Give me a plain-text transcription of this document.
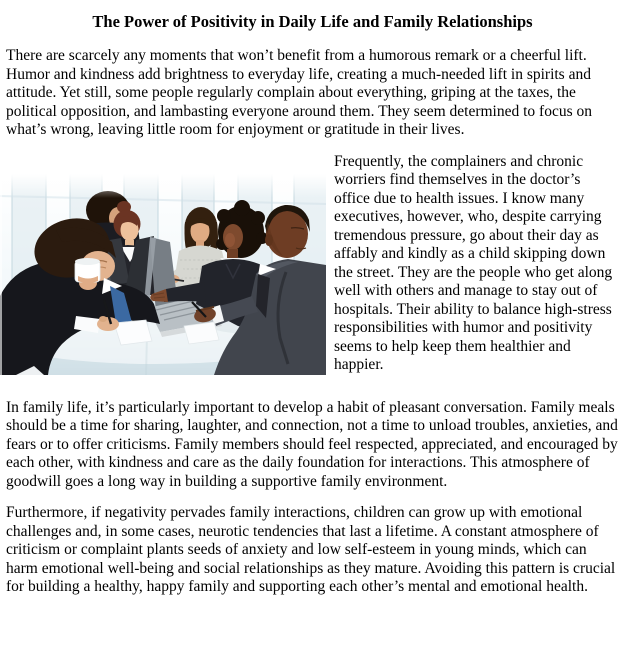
The Power of Positivity in Daily Life and Family Relationships

There are scarcely any moments that won’t benefit from a humorous remark or a cheerful lift. Humor and kindness add brightness to everyday life, creating a much-needed lift in spirits and attitude. Yet still, some people regularly complain about everything, griping at the taxes, the political opposition, and lambasting everyone around them. They seem determined to focus on what’s wrong, leaving little room for enjoyment or gratitude in their lives.

Frequently, the complainers and chronic worriers find themselves in the doctor’s office due to health issues. I know many executives, however, who, despite carrying tremendous pressure, go about their day as affably and kindly as a child skipping down the street. They are the people who get along well with others and manage to stay out of hospitals. Their ability to balance high-stress responsibilities with humor and positivity seems to help keep them healthier and happier.

In family life, it’s particularly important to develop a habit of pleasant conversation. Family meals should be a time for sharing, laughter, and connection, not a time to unload troubles, anxieties, and fears or to offer criticisms. Family members should feel respected, appreciated, and encouraged by each other, with kindness and care as the daily foundation for interactions. This atmosphere of goodwill goes a long way in building a supportive family environment.

Furthermore, if negativity pervades family interactions, children can grow up with emotional challenges and, in some cases, neurotic tendencies that last a lifetime. A constant atmosphere of criticism or complaint plants seeds of anxiety and low self-esteem in young minds, which can harm emotional well-being and social relationships as they mature. Avoiding this pattern is crucial for building a healthy, happy family and supporting each other’s mental and emotional health.
